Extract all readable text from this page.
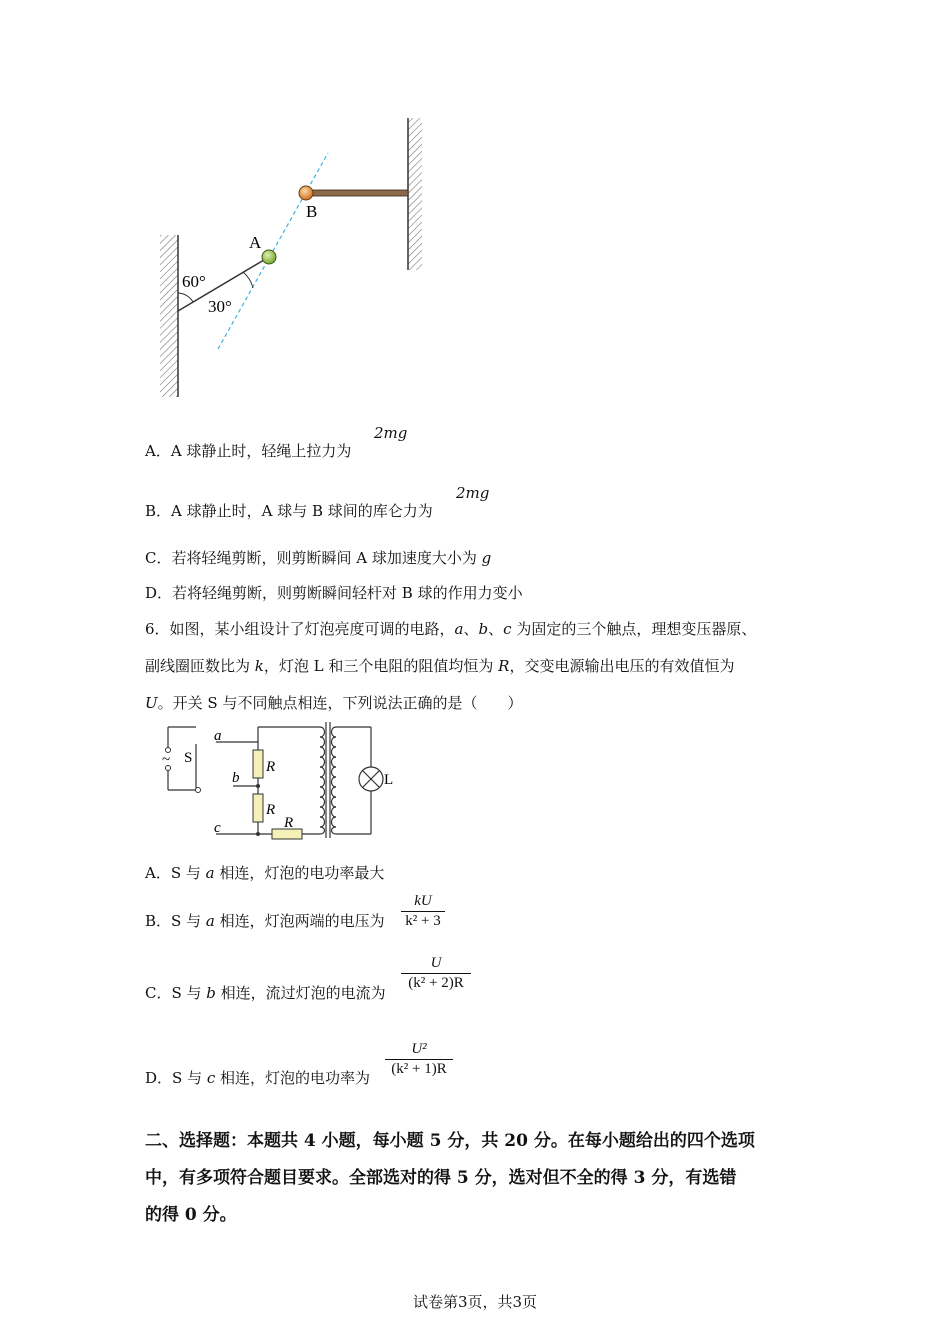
A
B
60°
30°
A．A 球静止时，轻绳上拉力为
2mg
B．A 球静止时，A 球与 B 球间的库仑力为
2mg
C．若将轻绳剪断，则剪断瞬间 A 球加速度大小为 g
D．若将轻绳剪断，则剪断瞬间轻杆对 B 球的作用力变小
6．如图，某小组设计了灯泡亮度可调的电路，a、b、c 为固定的三个触点，理想变压器原、
副线圈匝数比为 k，灯泡 L 和三个电阻的阻值均恒为 R，交变电源输出电压的有效值恒为
U。开关 S 与不同触点相连，下列说法正确的是（　　）
~ S
a
b
c
R
R
R
L
A．S 与 a 相连，灯泡的电功率最大
B．S 与 a 相连，灯泡两端的电压为
kU
k² + 3
C．S 与 b 相连，流过灯泡的电流为
U
(k² + 2)R
D．S 与 c 相连，灯泡的电功率为
U²
(k² + 1)R
二、选择题：本题共 4 小题，每小题 5 分，共 20 分。在每小题给出的四个选项
中，有多项符合题目要求。全部选对的得 5 分，选对但不全的得 3 分，有选错
的得 0 分。
试卷第3页，共3页
